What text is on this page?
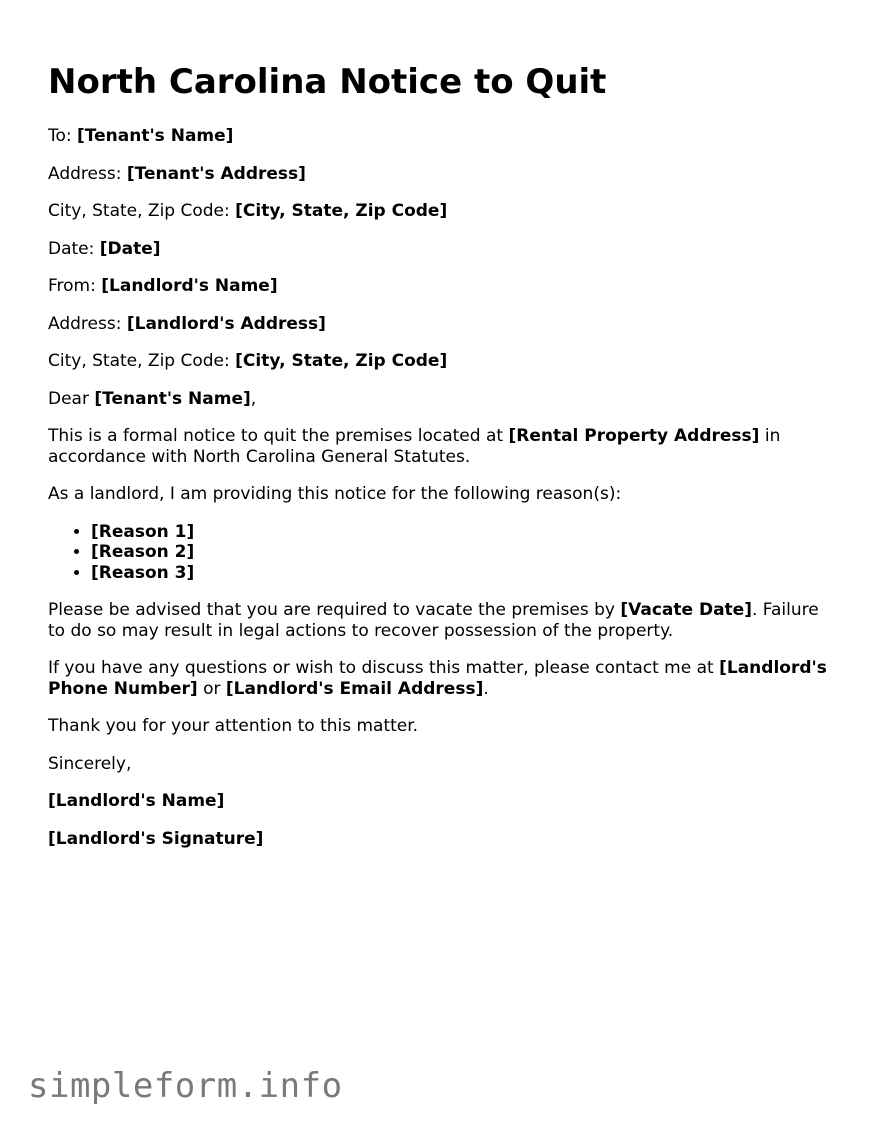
North Carolina Notice to Quit

To: [Tenant's Name]

Address: [Tenant's Address]

City, State, Zip Code: [City, State, Zip Code]

Date: [Date]

From: [Landlord's Name]

Address: [Landlord's Address]

City, State, Zip Code: [City, State, Zip Code]

Dear [Tenant's Name],

This is a formal notice to quit the premises located at [Rental Property Address] in accordance with North Carolina General Statutes.

As a landlord, I am providing this notice for the following reason(s):

• [Reason 1]
• [Reason 2]
• [Reason 3]

Please be advised that you are required to vacate the premises by [Vacate Date]. Failure to do so may result in legal actions to recover possession of the property.

If you have any questions or wish to discuss this matter, please contact me at [Landlord's Phone Number] or [Landlord's Email Address].

Thank you for your attention to this matter.

Sincerely,

[Landlord's Name]

[Landlord's Signature]

simpleform.info
